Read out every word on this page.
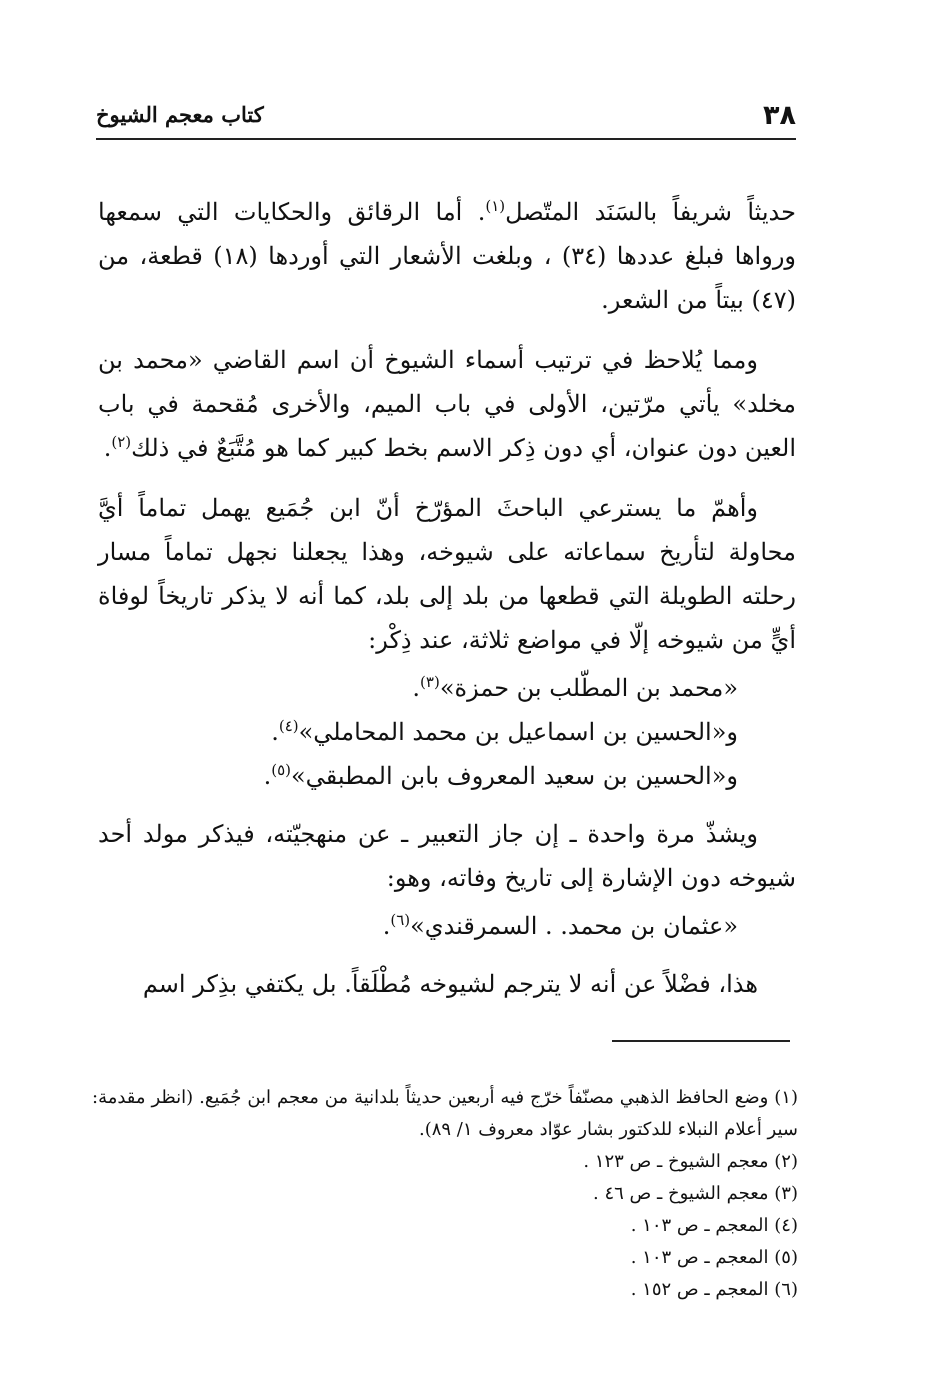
٣٨
كتاب معجم الشيوخ

حديثاً شريفاً بالسَنَد المتّصل$^{(١)}$. أما الرقائق والحكايات التي سمعها ورواها فبلغ عددها (٣٤) ، وبلغت الأشعار التي أوردها (١٨) قطعة، من (٤٧) بيتاً من الشعر.

ومما يُلاحظ في ترتيب أسماء الشيوخ أن اسم القاضي «محمد بن مخلد» يأتي مرّتين، الأولى في باب الميم، والأخرى مُقحمة في باب العين دون عنوان، أي دون ذِكر الاسم بخط كبير كما هو مُتَّبَعٌ في ذلك$^{(٢)}$.

وأهمّ ما يسترعي الباحثَ المؤرّخ أنّ ابن جُمَيع يهمل تماماً أيَّ محاولة لتأريخ سماعاته على شيوخه، وهذا يجعلنا نجهل تماماً مسار رحلته الطويلة التي قطعها من بلد إلى بلد، كما أنه لا يذكر تاريخاً لوفاة أيٍّ من شيوخه إلّا في مواضع ثلاثة، عند ذِكْر:

«محمد بن المطّلب بن حمزة»$^{(٣)}$.

و«الحسين بن اسماعيل بن محمد المحاملي»$^{(٤)}$.

و«الحسين بن سعيد المعروف بابن المطبقي»$^{(٥)}$.

ويشذّ مرة واحدة ـ إن جاز التعبير ـ عن منهجيّته، فيذكر مولد أحد شيوخه دون الإشارة إلى تاريخ وفاته، وهو:

«عثمان بن محمد. . السمرقندي»$^{(٦)}$.

هذا، فضْلاً عن أنه لا يترجم لشيوخه مُطْلَقاً. بل يكتفي بذِكر اسم

(١) وضع الحافظ الذهبي مصنّفاً خرّج فيه أربعين حديثاً بلدانية من معجم ابن جُمَيع. (انظر مقدمة: سير أعلام النبلاء للدكتور بشار عوّاد معروف ١/ ٨٩).

(٢) معجم الشيوخ ـ ص ١٢٣ .

(٣) معجم الشيوخ ـ ص ٤٦ .

(٤) المعجم ـ ص ١٠٣ .

(٥) المعجم ـ ص ١٠٣ .

(٦) المعجم ـ ص ١٥٢ .
